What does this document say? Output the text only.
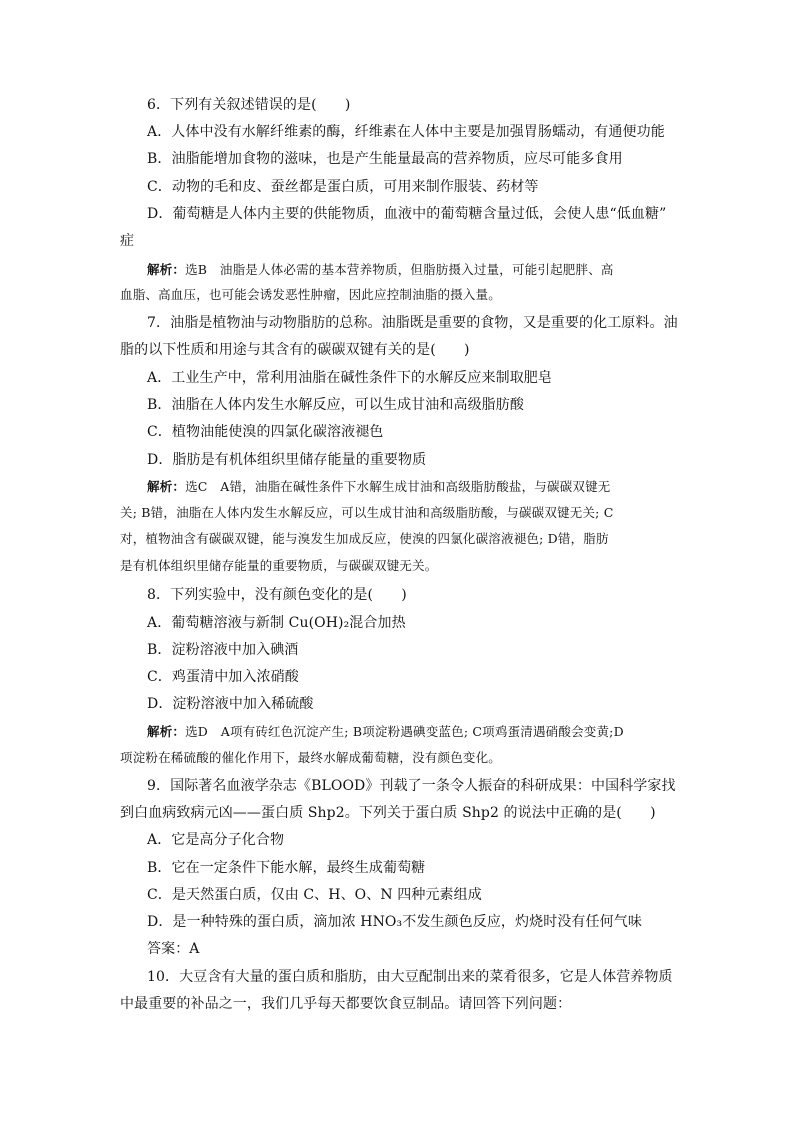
6．下列有关叙述错误的是(　　)
A．人体中没有水解纤维素的酶，纤维素在人体中主要是加强胃肠蠕动，有通便功能
B．油脂能增加食物的滋味，也是产生能量最高的营养物质，应尽可能多食用
C．动物的毛和皮、蚕丝都是蛋白质，可用来制作服装、药材等
D．葡萄糖是人体内主要的供能物质，血液中的葡萄糖含量过低，会使人患“低血糖”
症
解析：选B　油脂是人体必需的基本营养物质，但脂肪摄入过量，可能引起肥胖、高
血脂、高血压，也可能会诱发恶性肿瘤，因此应控制油脂的摄入量。
7．油脂是植物油与动物脂肪的总称。油脂既是重要的食物，又是重要的化工原料。油
脂的以下性质和用途与其含有的碳碳双键有关的是(　　)
A．工业生产中，常利用油脂在碱性条件下的水解反应来制取肥皂
B．油脂在人体内发生水解反应，可以生成甘油和高级脂肪酸
C．植物油能使溴的四氯化碳溶液褪色
D．脂肪是有机体组织里储存能量的重要物质
解析：选C　A错，油脂在碱性条件下水解生成甘油和高级脂肪酸盐，与碳碳双键无
关; B错，油脂在人体内发生水解反应，可以生成甘油和高级脂肪酸，与碳碳双键无关; C
对，植物油含有碳碳双键，能与溴发生加成反应，使溴的四氯化碳溶液褪色; D错，脂肪
是有机体组织里储存能量的重要物质，与碳碳双键无关。
8．下列实验中，没有颜色变化的是(　　)
A．葡萄糖溶液与新制 Cu(OH)₂混合加热
B．淀粉溶液中加入碘酒
C．鸡蛋清中加入浓硝酸
D．淀粉溶液中加入稀硫酸
解析：选D　A项有砖红色沉淀产生; B项淀粉遇碘变蓝色; C项鸡蛋清遇硝酸会变黄;D
项淀粉在稀硫酸的催化作用下，最终水解成葡萄糖，没有颜色变化。
9．国际著名血液学杂志《BLOOD》刊载了一条令人振奋的科研成果：中国科学家找
到白血病致病元凶——蛋白质 Shp2。下列关于蛋白质 Shp2 的说法中正确的是(　　)
A．它是高分子化合物
B．它在一定条件下能水解，最终生成葡萄糖
C．是天然蛋白质，仅由 C、H、O、N 四种元素组成
D．是一种特殊的蛋白质，滴加浓 HNO₃不发生颜色反应，灼烧时没有任何气味
答案：A
10．大豆含有大量的蛋白质和脂肪，由大豆配制出来的菜肴很多，它是人体营养物质
中最重要的补品之一，我们几乎每天都要饮食豆制品。请回答下列问题：
